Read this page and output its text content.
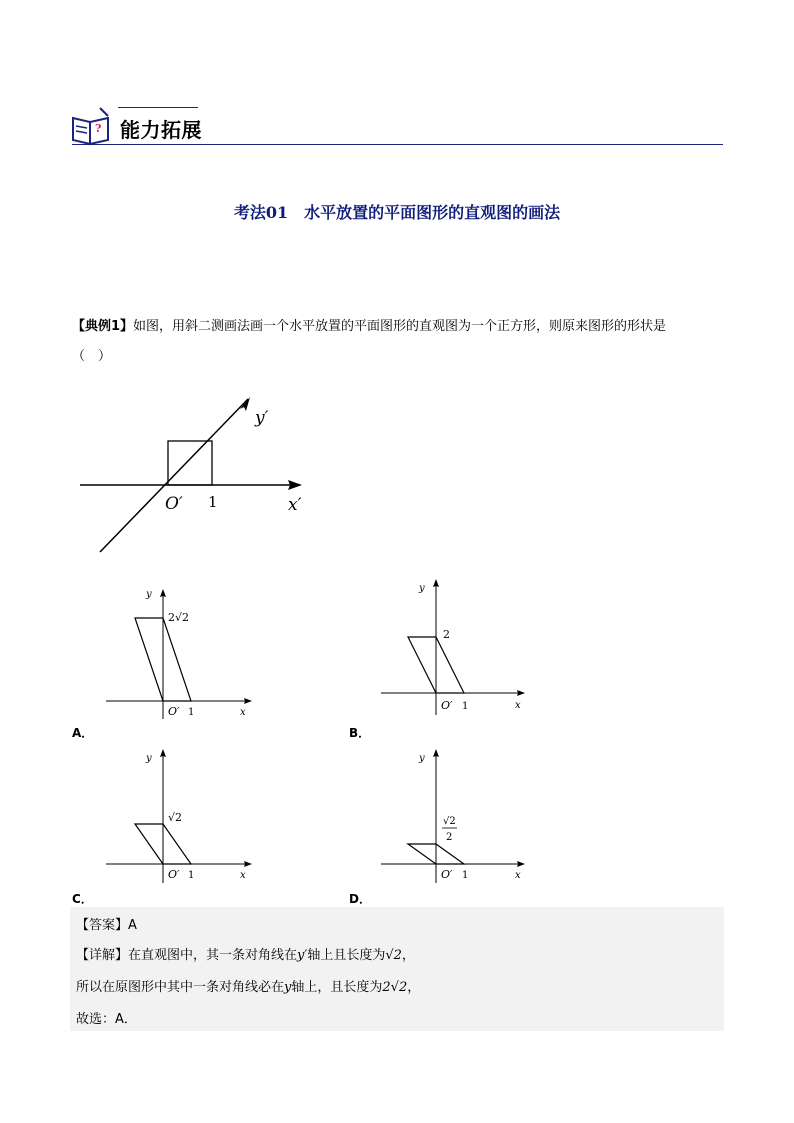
? 能力拓展
考法01　水平放置的平面图形的直观图的画法
【典例1】如图，用斜二测画法画一个水平放置的平面图形的直观图为一个正方形，则原来图形的形状是
（　）
y′
x′
O′ 1
y
x
O′ 1
2√2
A．
y
x
O′ 1
2
B．
y
x
O′ 1
√2
C．
y
x
O′ 1
√2
2
D．
【答案】A
【详解】在直观图中，其一条对角线在y′轴上且长度为√2，
所以在原图形中其中一条对角线必在y轴上，且长度为2√2，
故选：A．
